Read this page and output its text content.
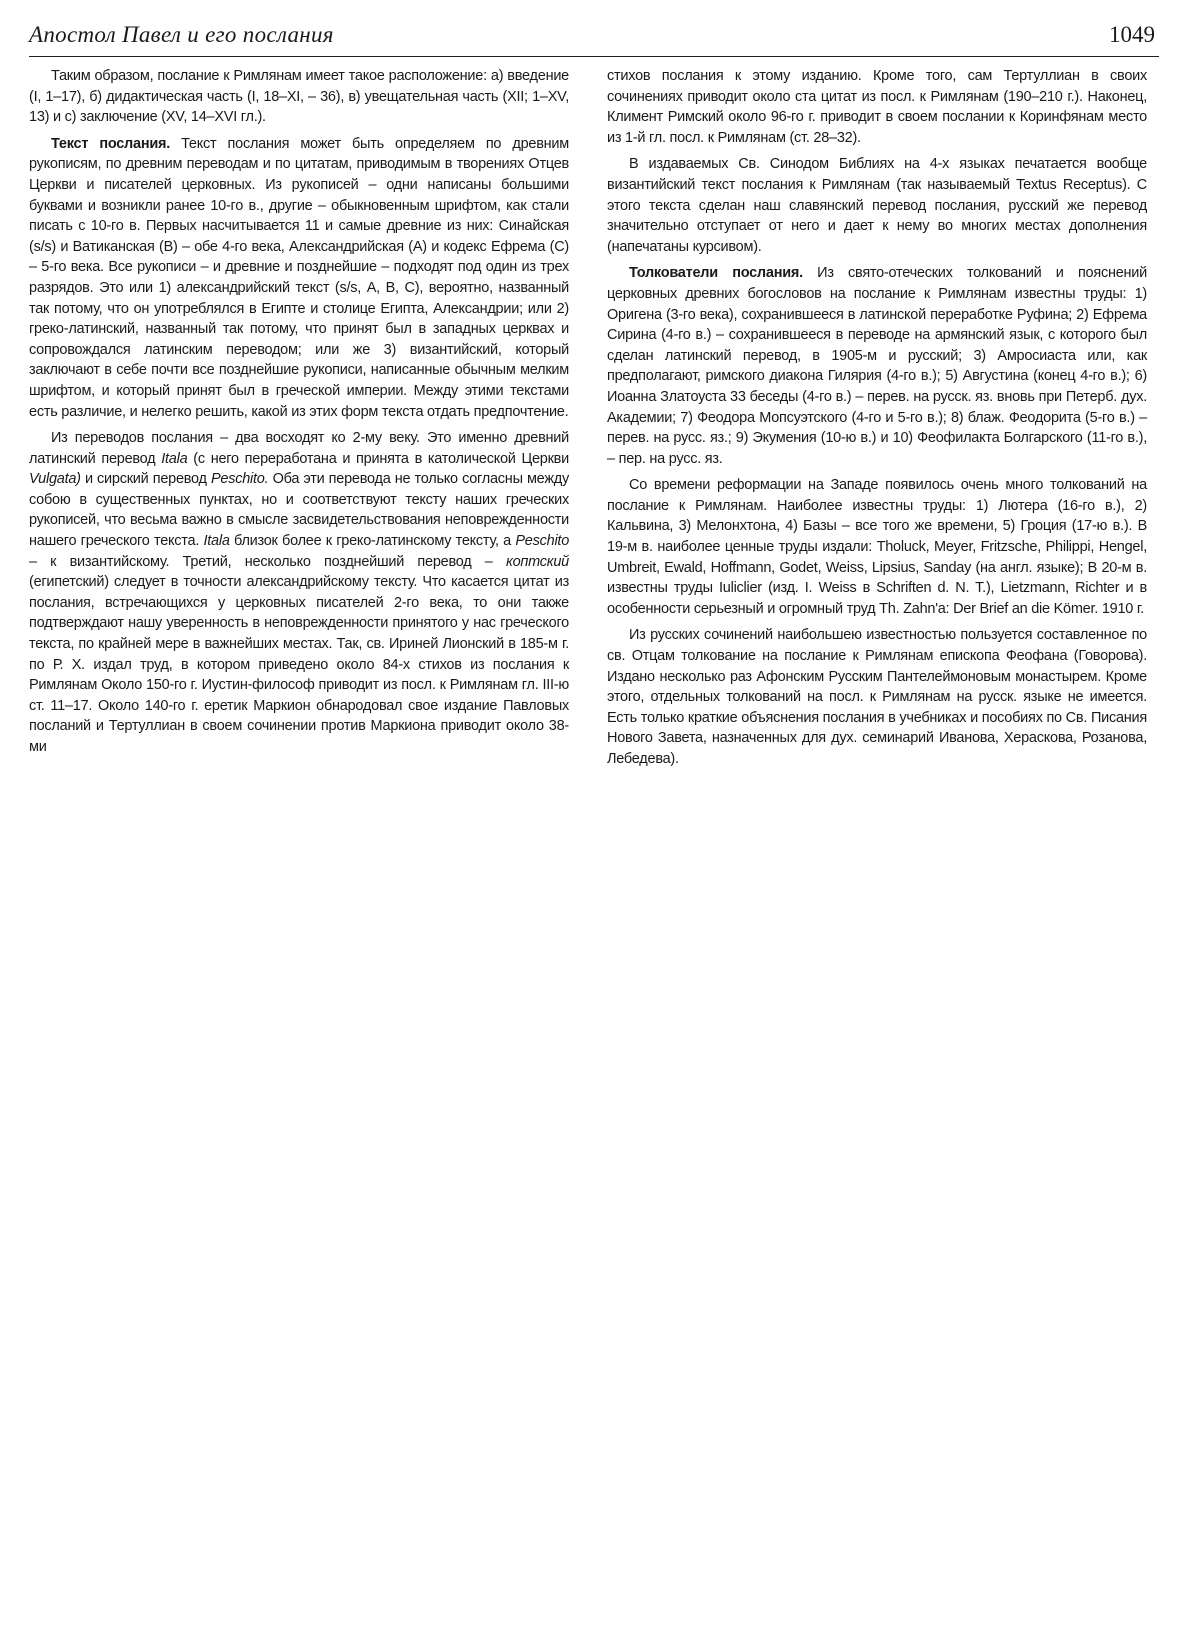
Апостол Павел и его послания	1049

Таким образом, послание к Римлянам имеет такое расположение: а) введение (I, 1–17), б) дидактическая часть (I, 18–XI, – 36), в) увещательная часть (XII; 1–XV, 13) и с) заключение (XV, 14–XVI гл.).

Текст послания. Текст послания может быть определяем по древним рукописям, по древним переводам и по цитатам, приводимым в творениях Отцев Церкви и писателей церковных. Из рукописей – одни написаны большими буквами и возникли ранее 10-го в., другие – обыкновенным шрифтом, как стали писать с 10-го в. Первых насчитывается 11 и самые древние из них: Синайская (s/s) и Ватиканская (В) – обе 4-го века, Александрийская (А) и кодекс Ефрема (С) – 5-го века. Все рукописи – и древние и позднейшие – подходят под один из трех разрядов. Это или 1) александрийский текст (s/s, А, В, С), вероятно, названный так потому, что он употреблялся в Египте и столице Египта, Александрии; или 2) греко-латинский, названный так потому, что принят был в западных церквах и сопровождался латинским переводом; или же 3) византийский, который заключают в себе почти все позднейшие рукописи, написанные обычным мелким шрифтом, и который принят был в греческой империи. Между этими текстами есть различие, и нелегко решить, какой из этих форм текста отдать предпочтение.

Из переводов послания – два восходят ко 2-му веку. Это именно древний латинский перевод Itala (с него переработана и принята в католической Церкви Vulgata) и сирский перевод Peschito. Оба эти перевода не только согласны между собою в существенных пунктах, но и соответствуют тексту наших греческих рукописей, что весьма важно в смысле засвидетельствования неповрежденности нашего греческого текста. Itala близок более к греко-латинскому тексту, а Peschito – к византийскому. Третий, несколько позднейший перевод – коптский (египетский) следует в точности александрийскому тексту. Что касается цитат из послания, встречающихся у церковных писателей 2-го века, то они также подтверждают нашу уверенность в неповрежденности принятого у нас греческого текста, по крайней мере в важнейших местах. Так, св. Ириней Лионский в 185-м г. по Р. Х. издал труд, в котором приведено около 84-х стихов из послания к Римлянам Около 150-го г. Иустин-философ приводит из посл. к Римлянам гл. III-ю ст. 11–17. Около 140-го г. еретик Маркион обнародовал свое издание Павловых посланий и Тертуллиан в своем сочинении против Маркиона приводит около 38-ми

стихов послания к этому изданию. Кроме того, сам Тертуллиан в своих сочинениях приводит около ста цитат из посл. к Римлянам (190–210 г.). Наконец, Климент Римский около 96-го г. приводит в своем послании к Коринфянам место из 1-й гл. посл. к Римлянам (ст. 28–32).

В издаваемых Св. Синодом Библиях на 4-х языках печатается вообще византийский текст послания к Римлянам (так называемый Textus Receptus). С этого текста сделан наш славянский перевод послания, русский же перевод значительно отступает от него и дает к нему во многих местах дополнения (напечатаны курсивом).

Толкователи послания. Из свято-отеческих толкований и пояснений церковных древних богословов на послание к Римлянам известны труды: 1) Оригена (3-го века), сохранившееся в латинской переработке Руфина; 2) Ефрема Сирина (4-го в.) – сохранившееся в переводе на армянский язык, с которого был сделан латинский перевод, в 1905-м и русский; 3) Амросиаста или, как предполагают, римского диакона Гилярия (4-го в.); 5) Августина (конец 4-го в.); 6) Иоанна Златоуста 33 беседы (4-го в.) – перев. на русск. яз. вновь при Петерб. дух. Академии; 7) Феодора Мопсуэтского (4-го и 5-го в.); 8) блаж. Феодорита (5-го в.) – перев. на русс. яз.; 9) Экумения (10-ю в.) и 10) Феофилакта Болгарского (11-го в.), – пер. на русс. яз.

Со времени реформации на Западе появилось очень много толкований на послание к Римлянам. Наиболее известны труды: 1) Лютера (16-го в.), 2) Кальвина, 3) Мелонхтона, 4) Базы – все того же времени, 5) Гроция (17-ю в.). В 19-м в. наиболее ценные труды издали: Tholuck, Meyer, Fritzsche, Philippi, Hengel, Umbreit, Ewald, Hoffmann, Godet, Weiss, Lipsius, Sanday (на англ. языке); В 20-м в. известны труды Iuliclier (изд. I. Weiss в Schriften d. N. T.), Lietzmann, Richter и в особенности серьезный и огромный труд Th. Zahn'a: Der Brief an die Kömer. 1910 г.

Из русских сочинений наибольшею известностью пользуется составленное по св. Отцам толкование на послание к Римлянам епископа Феофана (Говорова). Издано несколько раз Афонским Русским Пантелеймоновым монастырем. Кроме этого, отдельных толкований на посл. к Римлянам на русск. языке не имеется. Есть только краткие объяснения послания в учебниках и пособиях по Св. Писания Нового Завета, назначенных для дух. семинарий Иванова, Хераскова, Розанова, Лебедева).
